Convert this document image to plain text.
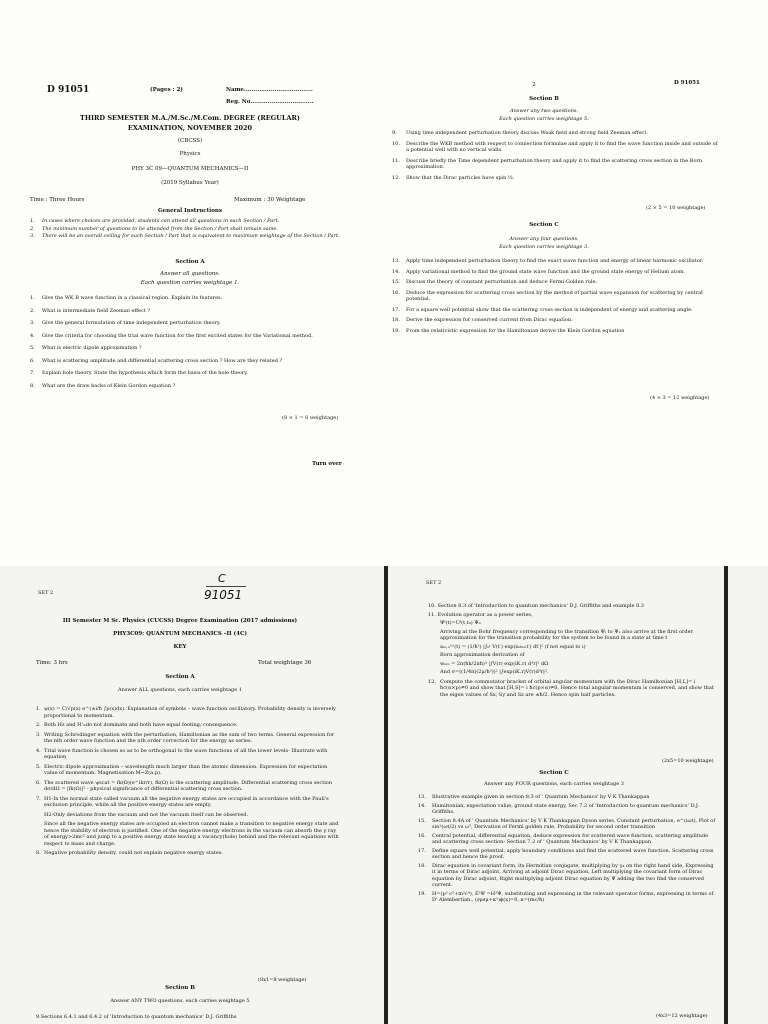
D 91051	(Pages : 2)	Name....................................
Reg. No.................................
THIRD SEMESTER M.A./M.Sc./M.Com. DEGREE (REGULAR)
EXAMINATION, NOVEMBER 2020
(CBCSS)
Physics
PHY 3C 09—QUANTUM MECHANICS—II
(2019 Syllabus Year)
Time : Three Hours	Maximum : 30 Weightage
General Instructions
1. In cases where choices are provided, students can attend all questions in each Section / Part.
2. The minimum number of questions to be attended from the Section / Part shall remain same.
3. There will be an overall ceiling for each Section / Part that is equivalent to maximum weightage of the Section / Part.
Section A
Answer all questions.
Each question carries weightage 1.
1. Give the WK B wave function in a classical region. Explain its features.
2. What is intermediate field Zeeman effect ?
3. Give the general formulation of time independent perturbation theory.
4. Give the criteria for choosing the trial wave function for the first excited states for the Variational method.
5. What is electric dipole approximation ?
6. What is scattering amplitude and differential scattering cross section ? How are they related ?
7. Explain hole theory. State the hypothesis which form the basis of the hole theory.
8. What are the draw backs of Klein Gordon equation ?
(8 × 1 = 8 weightage)
Turn over
2	D 91051
Section B
Answer any two questions.
Each question carries weightage 5.
9. Using time independent perturbation theory discuss Weak field and strong field Zeeman effect.
10. Describe the WKB method with respect to connection formulae and apply it to find the wave function inside and outside of a potential well with no vertical walls.
11. Describe briefly the Time dependent perturbation theory and apply it to find the scattering cross section in the Born approximation.
12. Show that the Dirac particles have spin ½.
(2 × 5 = 10 weightage)
Section C
Answer any four questions.
Each question carries weightage 3.
13. Apply time independent perturbation theory to find the exact wave function and energy of linear harmonic oscillator.
14. Apply variational method to find the ground state wave function and the ground state energy of Helium atom.
15. Discuss the theory of constant perturbation and deduce Fermi-Golden rule.
16. Deduce the expression for scattering cross section by the method of partial wave expansion for scattering by central potential.
17. For a square well potential show that the scattering cross section is independent of energy and scattering angle.
18. Derive the expression for conserved current from Dirac equation.
19. From the relativistic expression for the Hamiltonian derive the Klein Gordon equation
(4 × 3 = 12 weightage)
SET 2
C
91051
III Semester M Sc. Physics (CUCSS) Degree Examination (2017 admissions)
PHY3C09: QUANTUM MECHANICS –II (4C)
KEY
Time: 3 hrs	Total weightage 36
Section A
Answer ALL questions, each carries weightage 1
1. ψ(x) = C/√p(x) e^(±i/ħ ∫p(x)dx). Explanation of symbols – wave function oscillatory. Probability density is inversely proportional to momentum.
2. Both Hz and H'ₘdo not dominate and both have equal footing, consequence.
3. Writing Schrodinger equation with the perturbation, Hamiltonian as the sum of two terms. General expression for the nth order wave function and the nth order correction for the energy as series.
4. Trial wave function is chosen so as to be orthogonal to the wave functions of all the lower levels- Illustrate with equation
5. Electric dipole approximation – wavelength much larger than the atomic dimension. Expression for expectation value of momentum. Magnetisation M~Z(a.p).
6. The scattered wave ψscat = fk(Ω)(e^ikr/r), fk(Ω) is the scattering amplitude. Differential scattering cross section dσ/dΩ = |fk(Ω)|² - physical significance of differential scattering cross section.
7. H1-In the normal state called vacuum all the negative energy states are occupied in accordance with the Pauli's exclusion principle, while all the positive energy states are empty.
H2-Only deviations from the vacuum and not the vacuum itself can be observed.
Since all the negative energy states are occupied an electron cannot make a transition to negative energy state and hence the stability of electron is justified. One of the negative energy electrons in the vacuum can absorb the γ ray of energy>2mc² and jump to a positive energy state leaving a vacancy(hole) behind and the relevant equations with respect to mass and charge.
8. Negative probability density, could not explain negative energy states.
(8x1=8 weightage)
Section B
Answer ANY TWO questions, each carries weightage 5
9.Sections 6.4.1 and 6.4.2 of 'Introduction to quantum mechanics' D.J. Griffiths
SET 2
10. Section 8.3 of 'Introduction to quantum mechanics' D.J. Griffiths and example 8.3
11. Evolution operator as a power series,
Ψᴵ(t)=Uᴵ(t,t₀) Ψ₀
Arriving at the Bohr frequency corresponding to the transition Ψᵢ to Ψₓ also arrive at the first order approximation for the transition probability for the system to be found in a state at time t
aₘ,ₙ⁽¹⁾(t) = (1/ħ²) |∫₀ᵗ V(t′) exp(iωₘₙt′) dt′|² (f not equal to i)
Born approximation derivation of
wₘₙ = 2π(ħk/2πħ)³ |∫V(r) exp(iK.r) d³r|² dΩ
And σ=((1/4π)(2μ/ħ²))² |∫exp(iK.r)V(r)d³r|².
12. Compute the commutator bracket of orbital angular momentum with the Dirac Hamiltonian [H,L]= i ħc(α×p)≠0 and show that [H,S]= i ħc(p×α)≠0, Hence total angular momentum is conserved, and show that the eigen values of Sx, Sy and Sz are ±ħ/2. Hence spin half particles.
(2x5=10 weightage)
Section C
Answer any FOUR questions, each carries weightage 3
13. Illustrative example given in section 8.3 of ' Quantum Mechanics' by V K Thankappan
14. Hamiltonian, expectation value, ground state energy, Sec 7.2 of 'Introduction to quantum mechanics' D.J. Griffiths.
15. Section 8.4A of ' Quantum Mechanics' by V K Thankappan Dyson series, Constant perturbation, e^(iωt), Plot of sin²(ωt/2) vs ω², Derivation of Fermi golden rule, Probability for second order transition
16. Central potential, differential equation, deduce expression for scattered wave function, scattering amplitude and scattering cross section- Section 7.2 of ' Quantum Mechanics' by V K Thankappan
17. Define square well potential, apply boundary conditions and find the scattered wave function. Scattering cross section and hence the proof.
18. Dirac equation in covariant form, its Hermitian conjugate, multiplying by γ₄ on the right hand side, Expressing it in terms of Dirac adjoint, Arriving at adjoint Dirac equation, Left multiplying the covariant form of Dirac equation by Dirac adjoint, Right multiplying adjoint Dirac equation by Ψ adding the two find the conserved current.
19. H=(p² c²+m²c⁴), E²Ψ =H²Ψ, substituting and expressing in the relevant operator forms, expressing in terms of D' Alembertian., (∂μ∂μ+κ²)ϕ(x)=0, κ=(mc/ħ)
(4x3=12 weightage)
